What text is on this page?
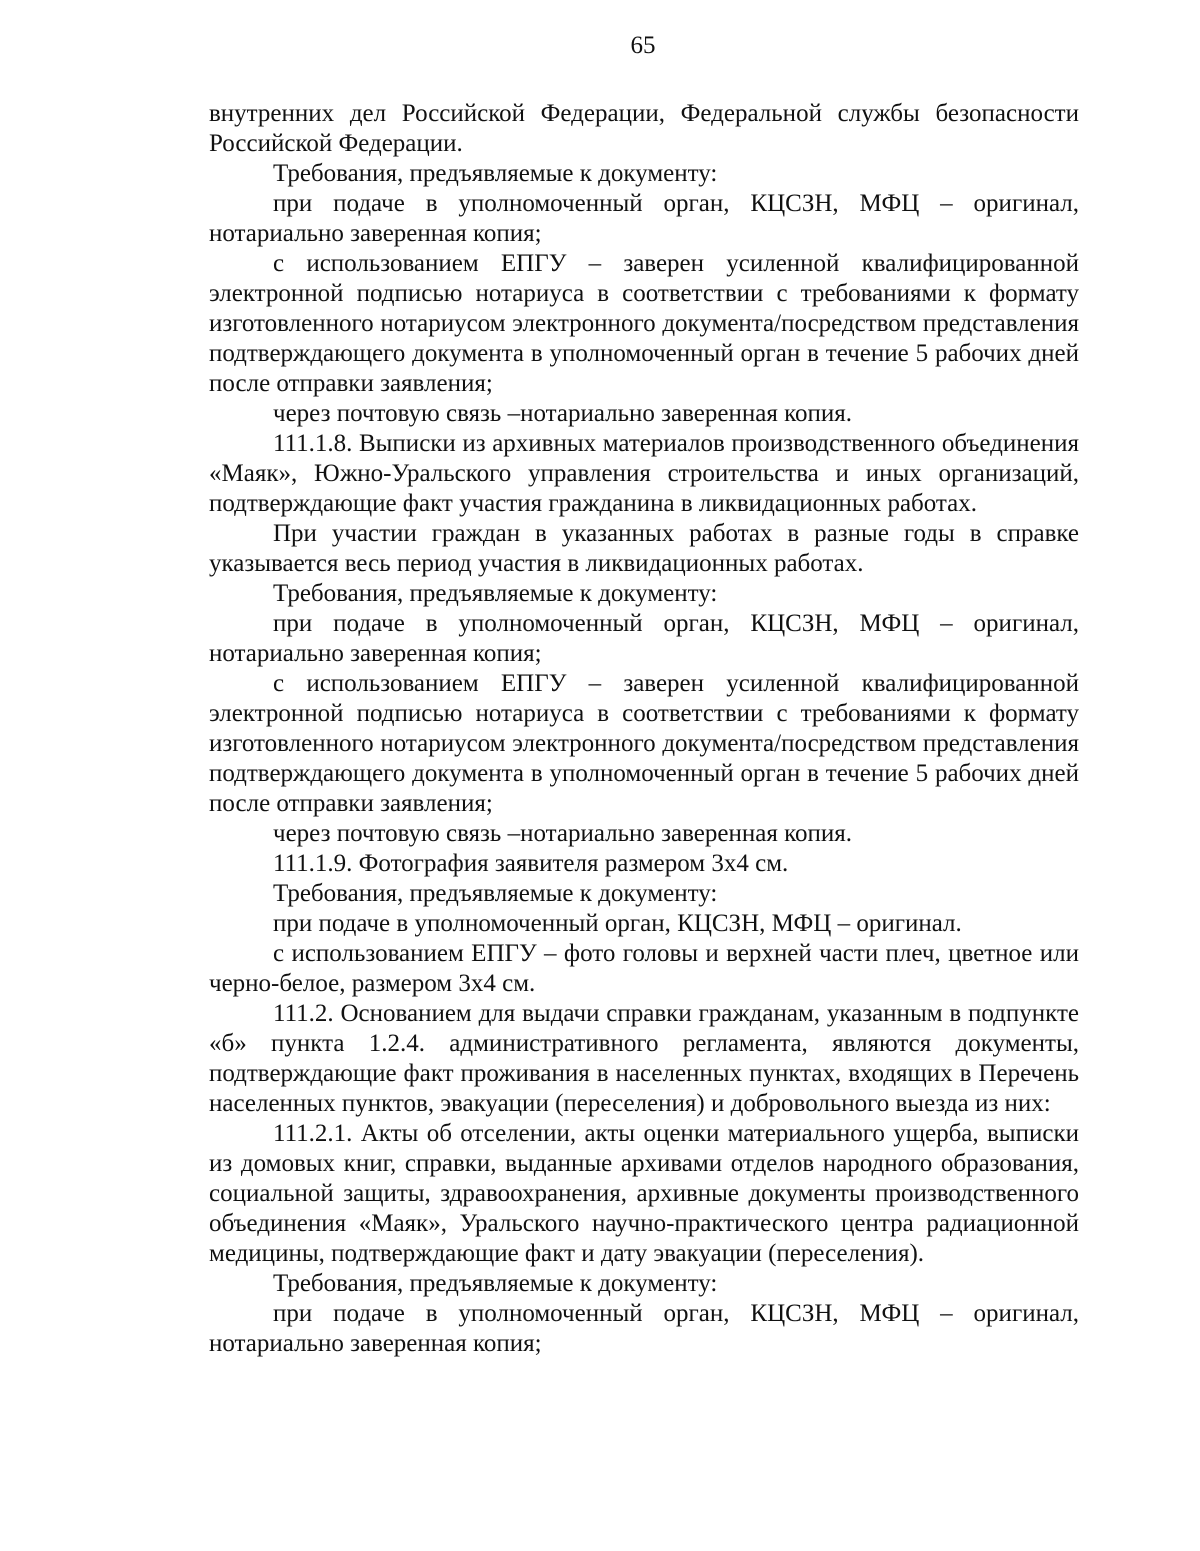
65

внутренних дел Российской Федерации, Федеральной службы безопасности Российской Федерации.

Требования, предъявляемые к документу:

при подаче в уполномоченный орган, КЦСЗН, МФЦ – оригинал, нотариально заверенная копия;

с использованием ЕПГУ – заверен усиленной квалифицированной электронной подписью нотариуса в соответствии с требованиями к формату изготовленного нотариусом электронного документа/посредством представления подтверждающего документа в уполномоченный орган в течение 5 рабочих дней после отправки заявления;

через почтовую связь –нотариально заверенная копия.

111.1.8. Выписки из архивных материалов производственного объединения «Маяк», Южно-Уральского управления строительства и иных организаций, подтверждающие факт участия гражданина в ликвидационных работах.

При участии граждан в указанных работах в разные годы в справке указывается весь период участия в ликвидационных работах.

Требования, предъявляемые к документу:

при подаче в уполномоченный орган, КЦСЗН, МФЦ – оригинал, нотариально заверенная копия;

с использованием ЕПГУ – заверен усиленной квалифицированной электронной подписью нотариуса в соответствии с требованиями к формату изготовленного нотариусом электронного документа/посредством представления подтверждающего документа в уполномоченный орган в течение 5 рабочих дней после отправки заявления;

через почтовую связь –нотариально заверенная копия.

111.1.9. Фотография заявителя размером 3х4 см.

Требования, предъявляемые к документу:

при подаче в уполномоченный орган, КЦСЗН, МФЦ – оригинал.

с использованием ЕПГУ – фото головы и верхней части плеч, цветное или черно-белое, размером 3х4 см.

111.2. Основанием для выдачи справки гражданам, указанным в подпункте «б» пункта 1.2.4. административного регламента, являются документы, подтверждающие факт проживания в населенных пунктах, входящих в Перечень населенных пунктов, эвакуации (переселения) и добровольного выезда из них:

111.2.1. Акты об отселении, акты оценки материального ущерба, выписки из домовых книг, справки, выданные архивами отделов народного образования, социальной защиты, здравоохранения, архивные документы производственного объединения «Маяк», Уральского научно-практического центра радиационной медицины, подтверждающие факт и дату эвакуации (переселения).

Требования, предъявляемые к документу:

при подаче в уполномоченный орган, КЦСЗН, МФЦ – оригинал, нотариально заверенная копия;
